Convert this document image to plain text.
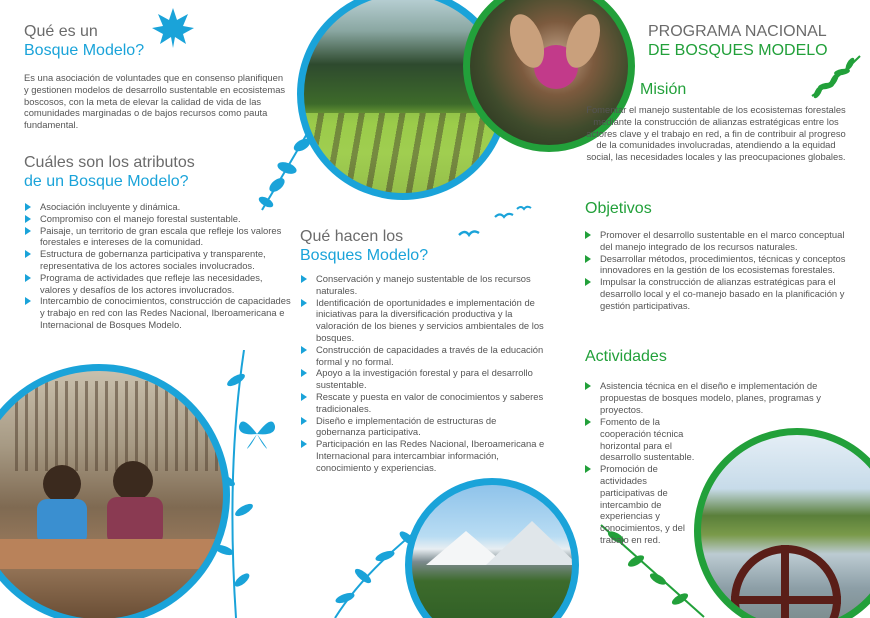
Qué es un
Bosque Modelo?

Es una asociación de voluntades que en consenso planifiquen y gestionen modelos de desarrollo sustentable en ecosistemas boscosos, con la meta de elevar la calidad de vida de las comunidades marginadas o de bajos recursos como pauta fundamental.

Cuáles son los atributos
de un Bosque Modelo?
Asociación incluyente y dinámica.
Compromiso con el manejo forestal sustentable.
Paisaje, un territorio de gran escala que refleje los valores forestales e intereses de la comunidad.
Estructura de gobernanza participativa y transparente, representativa de los actores sociales involucrados.
Programa de actividades que refleje las necesidades, valores y desafíos de los actores involucrados.
Intercambio de conocimientos, construcción de capacidades y trabajo en red con las Redes Nacional, Iberoamericana e Internacional de Bosques Modelo.
Qué hacen los
Bosques Modelo?
Conservación y manejo sustentable de los recursos naturales.
Identificación de oportunidades e implementación de iniciativas para la diversificación productiva y la valoración de los bienes y servicios ambientales de los bosques.
Construcción de capacidades a través de la educación formal y no formal.
Apoyo a la investigación forestal y para el desarrollo sustentable.
Rescate y puesta en valor de conocimientos y saberes tradicionales.
Diseño e implementación de estructuras de gobernanza participativa.
Participación en las Redes Nacional, Iberoamericana e Internacional para intercambiar información, conocimiento y experiencias.
PROGRAMA NACIONAL
DE BOSQUES MODELO
Misión

Fomentar el manejo sustentable de los ecosistemas forestales mediante la construcción de alianzas estratégicas entre los actores clave y el trabajo en red, a fin de contribuir al progreso de la comunidades involucradas, atendiendo a la equidad social, las necesidades locales y las preocupaciones globales.

Objetivos
Promover el desarrollo sustentable en el marco conceptual del manejo integrado de los recursos naturales.
Desarrollar métodos, procedimientos, técnicas y conceptos innovadores en la gestión de los ecosistemas forestales.
Impulsar la construcción de alianzas estratégicas para el desarrollo local y el co-manejo basado en la planificación y gestión participativas.
Actividades
Asistencia técnica en el diseño e implementación de propuestas de bosques modelo, planes, programas y proyectos.
Fomento de la cooperación técnica horizontal para el desarrollo sustentable.
Promoción de actividades participativas de intercambio de experiencias y conocimientos, y del trabajo en red.
